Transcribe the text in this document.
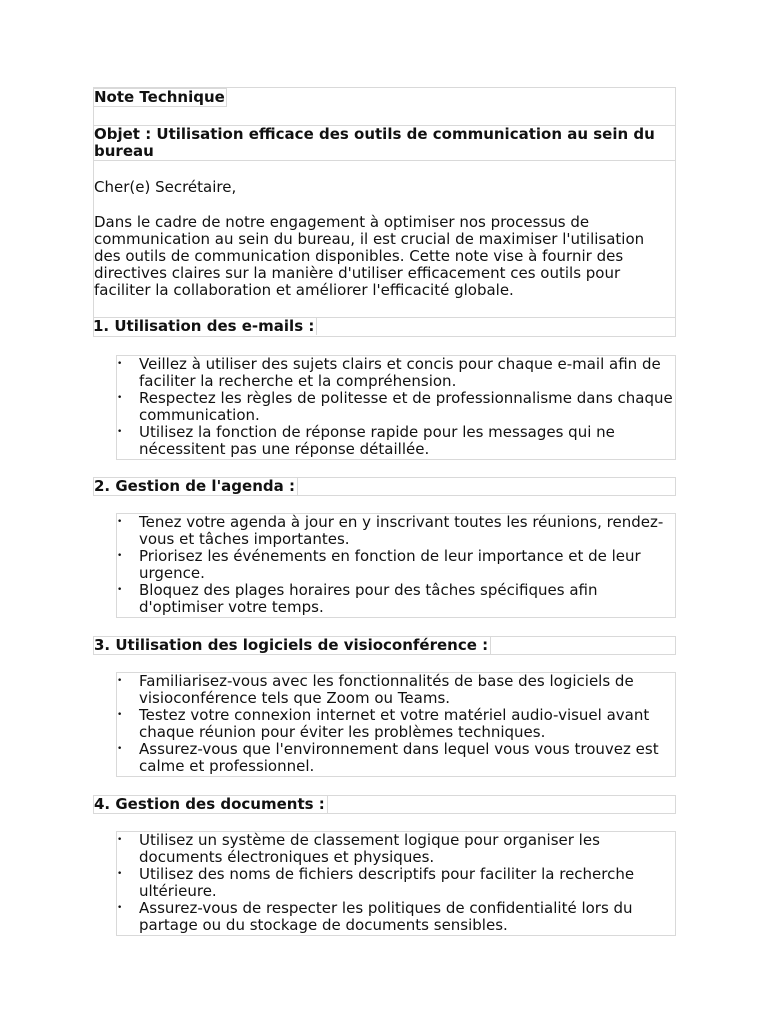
Note Technique Objet : Utilisation efficace des outils de communication au sein du bureau
Cher(e) Secrétaire,
Dans le cadre de notre engagement à optimiser nos processus de communication au sein du bureau, il est crucial de maximiser l'utilisation des outils de communication disponibles. Cette note vise à fournir des directives claires sur la manière d'utiliser efficacement ces outils pour faciliter la collaboration et améliorer l'efficacité globale.
1. Utilisation des e-mails :
• Veillez à utiliser des sujets clairs et concis pour chaque e-mail afin de faciliter la recherche et la compréhension.
• Respectez les règles de politesse et de professionnalisme dans chaque communication.
• Utilisez la fonction de réponse rapide pour les messages qui ne nécessitent pas une réponse détaillée.
2. Gestion de l'agenda :
• Tenez votre agenda à jour en y inscrivant toutes les réunions, rendez-vous et tâches importantes.
• Priorisez les événements en fonction de leur importance et de leur urgence.
• Bloquez des plages horaires pour des tâches spécifiques afin d'optimiser votre temps.
3. Utilisation des logiciels de visioconférence :
• Familiarisez-vous avec les fonctionnalités de base des logiciels de visioconférence tels que Zoom ou Teams.
• Testez votre connexion internet et votre matériel audio-visuel avant chaque réunion pour éviter les problèmes techniques.
• Assurez-vous que l'environnement dans lequel vous vous trouvez est calme et professionnel.
4. Gestion des documents :
• Utilisez un système de classement logique pour organiser les documents électroniques et physiques.
• Utilisez des noms de fichiers descriptifs pour faciliter la recherche ultérieure.
• Assurez-vous de respecter les politiques de confidentialité lors du partage ou du stockage de documents sensibles.
